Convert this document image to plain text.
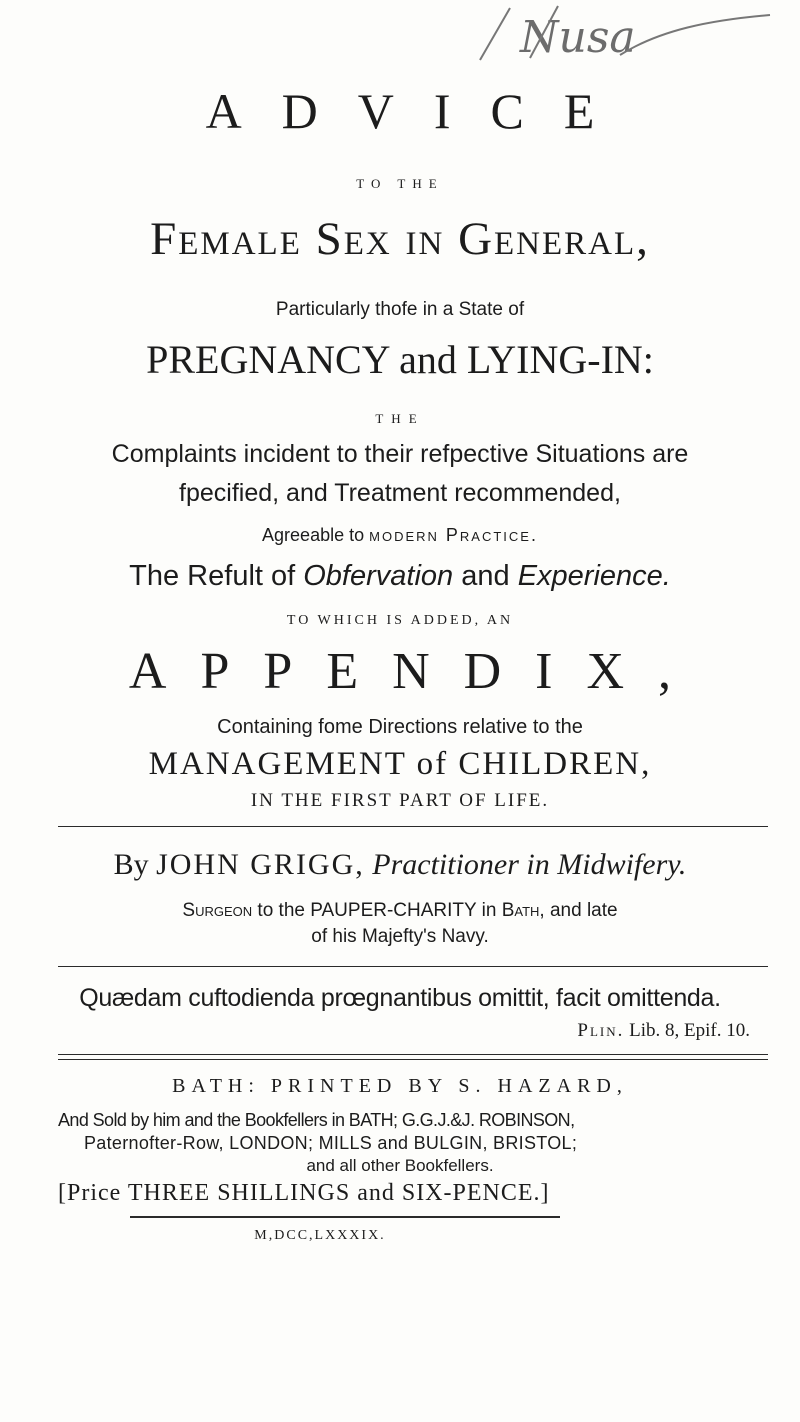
Nusa
ADVICE
TO THE
Female Sex in General,
Particularly thofe in a State of
PREGNANCY and LYING-IN:
THE
Complaints incident to their refpective Situations are
fpecified, and Treatment recommended,
Agreeable to modern Practice.
The Refult of Obfervation and Experience.
TO WHICH IS ADDED, AN
APPENDIX,
Containing fome Directions relative to the
MANAGEMENT of CHILDREN,
IN THE FIRST PART OF LIFE.
By JOHN GRIGG, Practitioner in Midwifery.
Surgeon to the PAUPER-CHARITY in Bath, and late
of his Majefty's Navy.
Quædam cuftodienda prœgnantibus omittit, facit omittenda.
Plin. Lib. 8, Epif. 10.
BATH: PRINTED BY S. HAZARD,
And Sold by him and the Bookfellers in BATH; G.G.J.&J. ROBINSON,
Paternofter-Row, LONDON; MILLS and BULGIN, BRISTOL;
and all other Bookfellers.
[Price THREE SHILLINGS and SIX-PENCE.]
M,DCC,LXXXIX.
